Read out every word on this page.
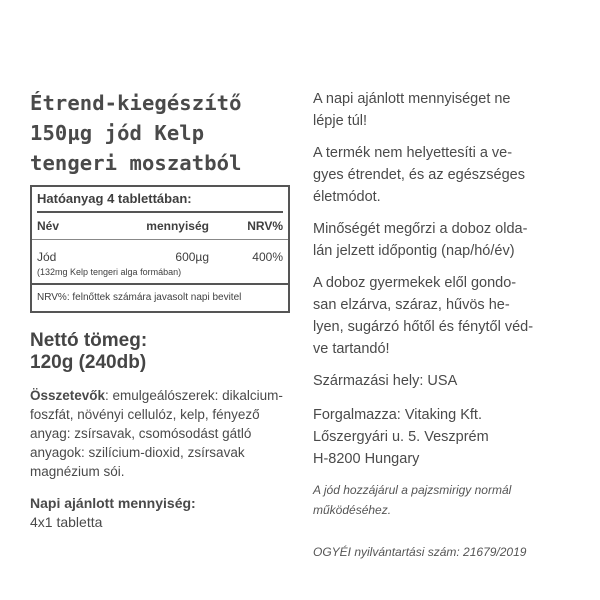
Étrend-kiegészítő
150µg jód Kelp
tengeri moszatból
Hatóanyag 4 tablettában:
Név	mennyiség	NRV%
Jód	600µg	400%
(132mg Kelp tengeri alga formában)
NRV%: felnőttek számára javasolt napi bevitel
Nettó tömeg:
120g (240db)
Összetevők: emulgeálószerek: dikalcium-foszfát, növényi cellulóz, kelp, fényező anyag: zsírsavak, csomósodást gátló anyagok: szilícium-dioxid, zsírsavak magnézium sói.
Napi ajánlott mennyiség:
4x1 tabletta

A napi ajánlott mennyiséget ne
lépje túl!

A termék nem helyettesíti a ve-
gyes étrendet, és az egészséges
életmódot.

Minőségét megőrzi a doboz olda-
lán jelzett időpontig (nap/hó/év)

A doboz gyermekek elől gondo-
san elzárva, száraz, hűvös he-
lyen, sugárzó hőtől és fénytől véd-
ve tartandó!

Származási hely: USA

Forgalmazza: Vitaking Kft.
Lőszergyári u. 5. Veszprém
H-8200 Hungary

A jód hozzájárul a pajzsmirigy normál
működéséhez.

OGYÉI nyilvántartási szám: 21679/2019
